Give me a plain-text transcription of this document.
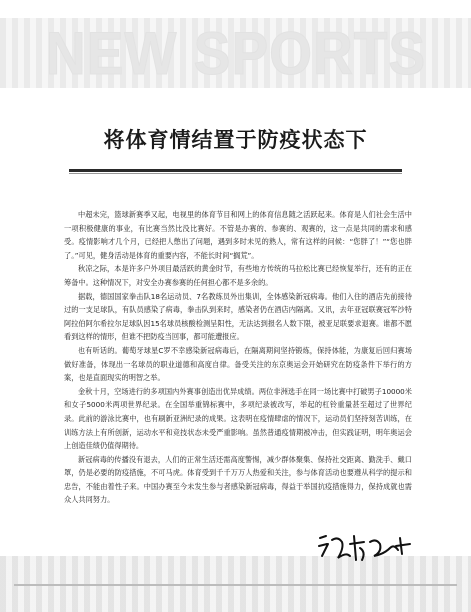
NEW SPORTS
将体育情结置于防疫状态下

中超未完，篮球新赛季又起，电视里的体育节目和网上的体育信息随之活跃起来。体育是人们社会生活中一项积极健康的事业，有比赛当然比没比赛好。不管是办赛的、参赛的、观赛的，这一点是共同的需求和感受。疫情影响才几个月，已经把人憋出了问题，遇到多时未见的熟人，常有这样的问候：“您胖了！”“您也胖了。”可见，健身活动是体育的重要内容，不能长时间“搁荒”。

秋凉之际，本是许多户外项目最活跃的黄金时节，有些地方传统的马拉松比赛已经恢复举行，还有的正在筹备中。这种情况下，对安全办赛参赛的任何担心都不是多余的。

据载，德国国家拳击队18名运动员、7名教练员外出集训，全体感染新冠病毒。他们入住的酒店先前接待过的一支足球队，有队员感染了病毒，拳击队到来时，感染者仍在酒店内隔离。又讯，去年亚冠联赛冠军沙特阿拉伯阿尔希拉尔足球队因15名球员核酸检测呈阳性，无法达到报名人数下限，被亚足联要求退赛。谁都不愿看到这样的情形，但谁不把防疫当回事，都可能遭报应。

也有听话的。葡萄牙球星C罗不幸感染新冠病毒后，在隔离期间坚持锻炼，保持体能，为康复后回归赛场做好准备，体现出一名球员的职业道德和高度自律。备受关注的东京奥运会开始研究在防疫条件下举行的方案，也是直面现实的明智之举。

金秋十月，空场进行的多项国内外赛事创造出优异成绩。两位非洲选手在同一场比赛中打破男子10000米和女子5000米两项世界纪录。在全国举重锦标赛中，多项纪录被改写，举起的杠铃重量甚至超过了世界纪录。此前的游泳比赛中，也有刷新亚洲纪录的成果。这表明在疫情肆虐的情况下，运动员们坚持刻苦训练，在训练方法上有所创新，运动水平和竞技状态未受严重影响。虽然普通疫情期被冲击，但实践证明，明年奥运会上创造佳绩仍值得期待。

新冠病毒的传播没有退去，人们的正常生活还需高度警惕，减少群体聚集、保持社交距离、勤洗手、戴口罩，仍是必要的防疫措施，不可马虎。体育受到千千万万人热爱和关注，参与体育活动也要遵从科学的提示和忠告，不能由着性子来。中国办赛至今未发生参与者感染新冠病毒，得益于举国抗疫措施得力，保持成就也需众人共同努力。
